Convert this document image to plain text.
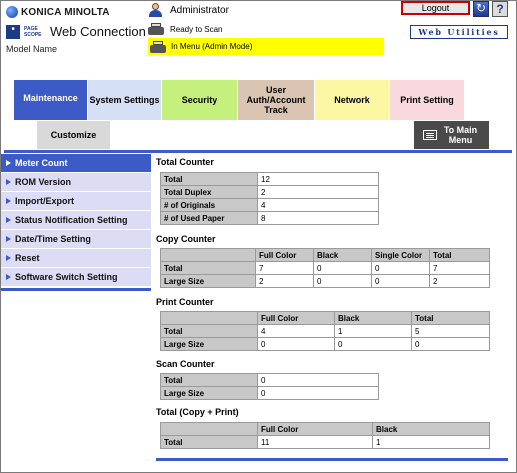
KONICA MINOLTA
■	PAGE SCOPE Web Connection
Model Name
Administrator
Ready to Scan
In Menu (Admin Mode)
Logout	↻ ?
Web Utilities
Maintenance	System Settings	Security
User Auth/Account Track
Network	Print Setting
Customize	To Main Menu
Meter Count
ROM Version
Import/Export
Status Notification Setting
Date/Time Setting
Reset
Software Switch Setting
Total Counter
Total	12
Total Duplex	2
# of Originals	4
# of Used Paper	8
Copy Counter
	Full Color	Black	Single Color	Total
Total	7	0	0	7
Large Size	2	0	0	2
Print Counter
	Full Color	Black	Total
Total	4	1	5
Large Size	0	0	0
Scan Counter
Total	0
Large Size	0
Total (Copy + Print)
	Full Color	Black
Total	11	1
